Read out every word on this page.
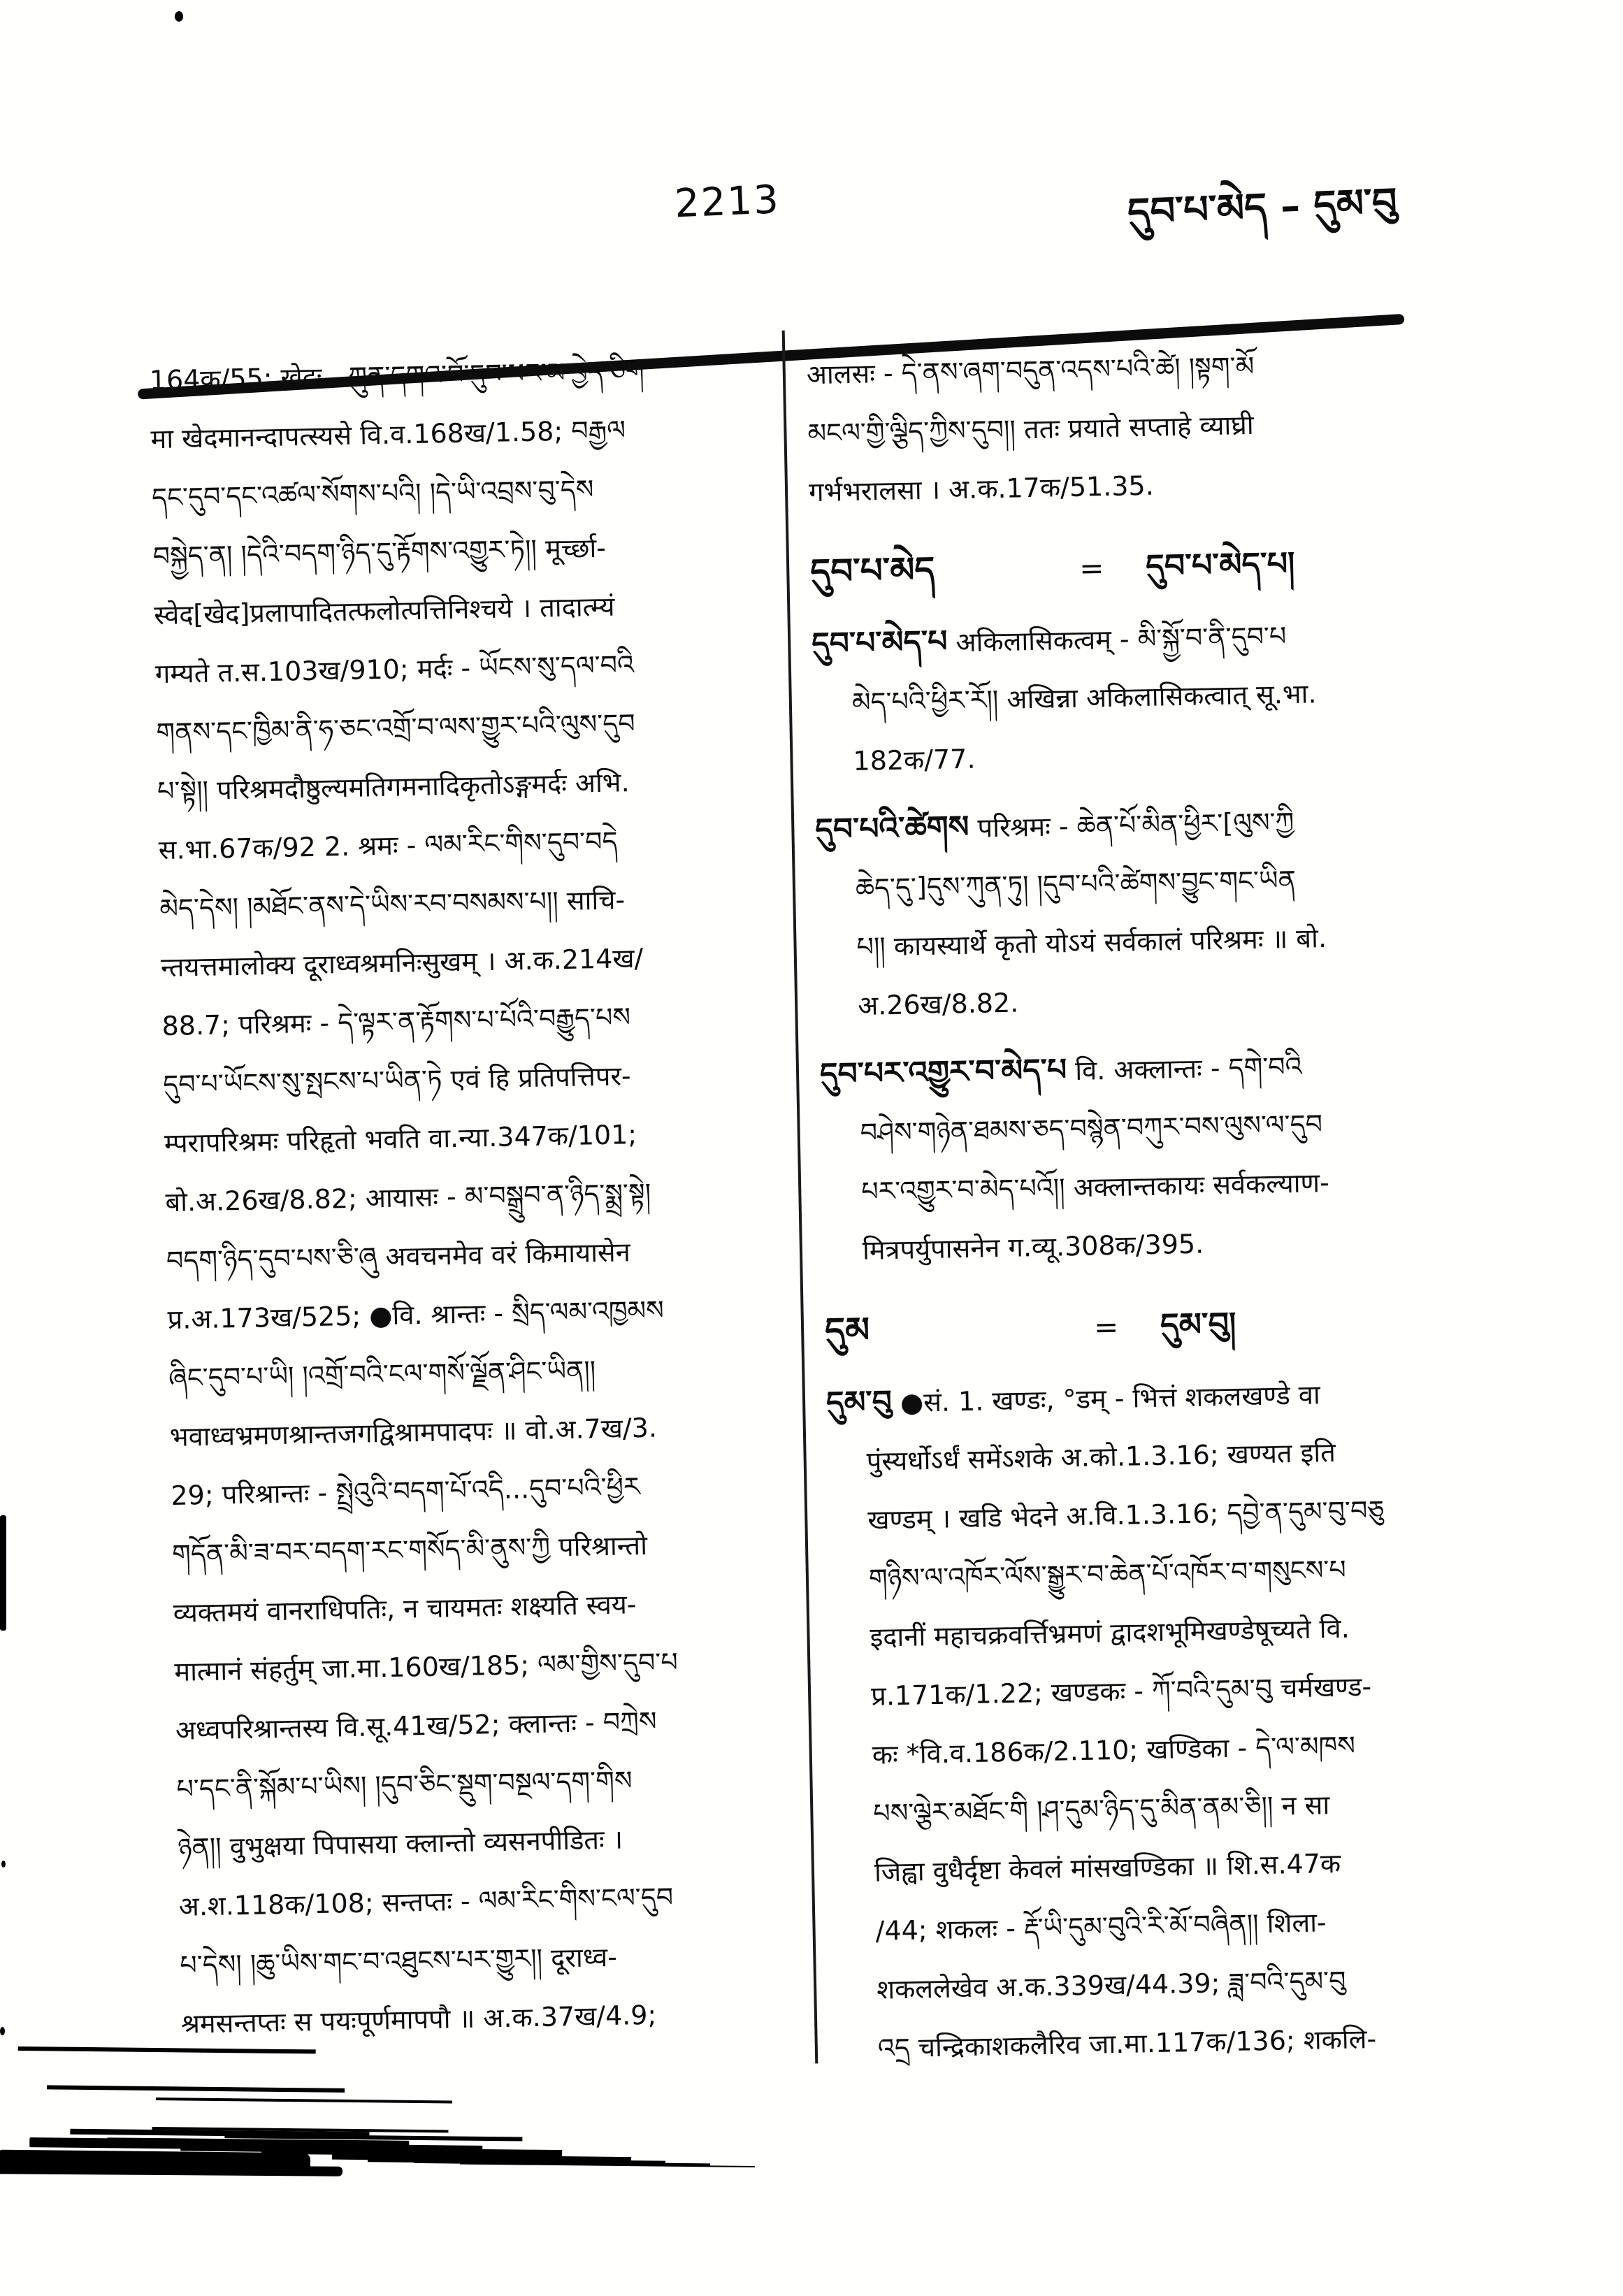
2213	དུབ་པ་མེད – དུམ་བུ
164क/55; खेदः - ཀུན་དགའ་བོ་དུབ་པར་མ་བྱེད་ཅིག
मा खेदमानन्दापत्स्यसे वि.व.168ख/1.58; བརྒྱལ
དང་དུབ་དང་འཚལ་སོགས་པའི། །དེ་ཡི་འབྲས་བུ་དེས
བསྐྱེད་ན། །དེའི་བདག་ཉིད་དུ་རྟོགས་འགྱུར་ཏེ།། मूर्च्छा-
स्वेद[खेद]प्रलापादितत्फलोत्पत्तिनिश्चये । तादात्म्यं
गम्यते त.स.103ख/910; मर्दः - ཡོངས་སུ་དལ་བའི
གནས་དང་ཁྱིམ་ནི་ཧ་ཅང་འགྲོ་བ་ལས་གྱུར་པའི་ལུས་དུབ
པ་སྟེ།། परिश्रमदौष्ठुल्यमतिगमनादिकृतोऽङ्गमर्दः अभि.
स.भा.67क/92 2. श्रमः - ལམ་རིང་གིས་དུབ་བདེ
མེད་དེས། །མཐོང་ནས་དེ་ཡིས་རབ་བསམས་པ།། साचि-
न्तयत्तमालोक्य दूराध्वश्रमनिःसुखम् । अ.क.214ख/
88.7; परिश्रमः - དེ་ལྟར་ན་རྟོགས་པ་པོའི་བརྒྱུད་པས
དུབ་པ་ཡོངས་སུ་སྤངས་པ་ཡིན་ཏེ एवं हि प्रतिपत्तिपर-
म्परापरिश्रमः परिहृतो भवति वा.न्या.347क/101;
बो.अ.26ख/8.82; आयासः - མ་བསྒྲུབ་ན་ཉིད་སྨྲ་སྟེ།
བདག་ཉིད་དུབ་པས་ཅི་ཞུ अवचनमेव वरं किमायासेन
प्र.अ.173ख/525; ●वि. श्रान्तः - སྲིད་ལམ་འཁྱམས
ཞིང་དུབ་པ་ཡི། །འགྲོ་བའི་ངལ་གསོ་ལྗོན་ཤིང་ཡིན།།
भवाध्वभ्रमणश्रान्तजगद्विश्रामपादपः ॥ वो.अ.7ख/3.
29; परिश्रान्तः - སྤྲེའུའི་བདག་པོ་འདི...དུབ་པའི་ཕྱིར
གདོན་མི་ཟ་བར་བདག་རང་གསོད་མི་ནུས་ཀྱི परिश्रान्तो
व्यक्तमयं वानराधिपतिः, न चायमतः शक्ष्यति स्वय-
मात्मानं संहर्तुम् जा.मा.160ख/185; ལམ་གྱིས་དུབ་པ
अध्वपरिश्रान्तस्य वि.सू.41ख/52; क्लान्तः - བཀྲེས
པ་དང་ནི་སྐོམ་པ་ཡིས། །དུབ་ཅིང་སྡུག་བསྔལ་དག་གིས
ཉེན།། वुभुक्षया पिपासया क्लान्तो व्यसनपीडितः ।
अ.श.118क/108; सन्तप्तः - ལམ་རིང་གིས་ངལ་དུབ
པ་དེས། །ཆུ་ཡིས་གང་བ་འཐུངས་པར་གྱུར།། दूराध्व-
श्रमसन्तप्तः स पयःपूर्णमापपौ ॥ अ.क.37ख/4.9;
आलसः - དེ་ནས་ཞག་བདུན་འདས་པའི་ཚེ། །སྟག་མོ
མངལ་གྱི་ལྕིད་ཀྱིས་དུབ།། ततः प्रयाते सप्ताहे व्याघ्री
गर्भभरालसा । अ.क.17क/51.35.
དུབ་པ་མེད	=	དུབ་པ་མེད་པ།
དུབ་པ་མེད་པ अकिलासिकत्वम् - མི་སྐྱོ་བ་ནི་དུབ་པ
མེད་པའི་ཕྱིར་རོ།། अखिन्ना अकिलासिकत्वात् सू.भा.
182क/77.
དུབ་པའི་ཚེགས परिश्रमः - ཆེན་པོ་མིན་ཕྱིར་[ལུས་ཀྱི
ཆེད་དུ་]དུས་ཀུན་ཏུ། །དུབ་པའི་ཚེགས་བྱུང་གང་ཡིན
པ།། कायस्यार्थे कृतो योऽयं सर्वकालं परिश्रमः ॥ बो.
अ.26ख/8.82.
དུབ་པར་འགྱུར་བ་མེད་པ वि. अक्लान्तः - དགེ་བའི
བཤེས་གཉེན་ཐམས་ཅད་བསྙེན་བཀུར་བས་ལུས་ལ་དུབ
པར་འགྱུར་བ་མེད་པའོ།། अक्लान्तकायः सर्वकल्याण-
मित्रपर्युपासनेन ग.व्यू.308क/395.
དུམ	=	དུམ་བུ།
དུམ་བུ ●सं. 1. खण्डः, °डम् - भित्तं शकलखण्डे वा
पुंस्यर्धोऽर्धं समेंऽशके अ.को.1.3.16; खण्यत इति
खण्डम् । खडि भेदने अ.वि.1.3.16; དབྱེ་ན་དུམ་བུ་བཅུ
གཉིས་ལ་འཁོར་ལོས་སྒྱུར་བ་ཆེན་པོ་འཁོར་བ་གསུངས་པ
इदानीं महाचक्रवर्त्तिभ्रमणं द्वादशभूमिखण्डेषूच्यते वि.
प्र.171क/1.22; खण्डकः - ཀོ་བའི་དུམ་བུ चर्मखण्ड-
कः *वि.व.186क/2.110; खण्डिका - དེ་ལ་མཁས
པས་ལྕེར་མཐོང་གི །ཤ་དུམ་ཉིད་དུ་མིན་ནམ་ཅི།། न सा
जिह्वा वुधैर्दृष्टा केवलं मांसखण्डिका ॥ शि.स.47क
/44; शकलः - རྡོ་ཡི་དུམ་བུའི་རི་མོ་བཞིན།། शिला-
शकललेखेव अ.क.339ख/44.39; ཟླ་བའི་དུམ་བུ
འདྲ चन्द्रिकाशकलैरिव जा.मा.117क/136; शकलि-
